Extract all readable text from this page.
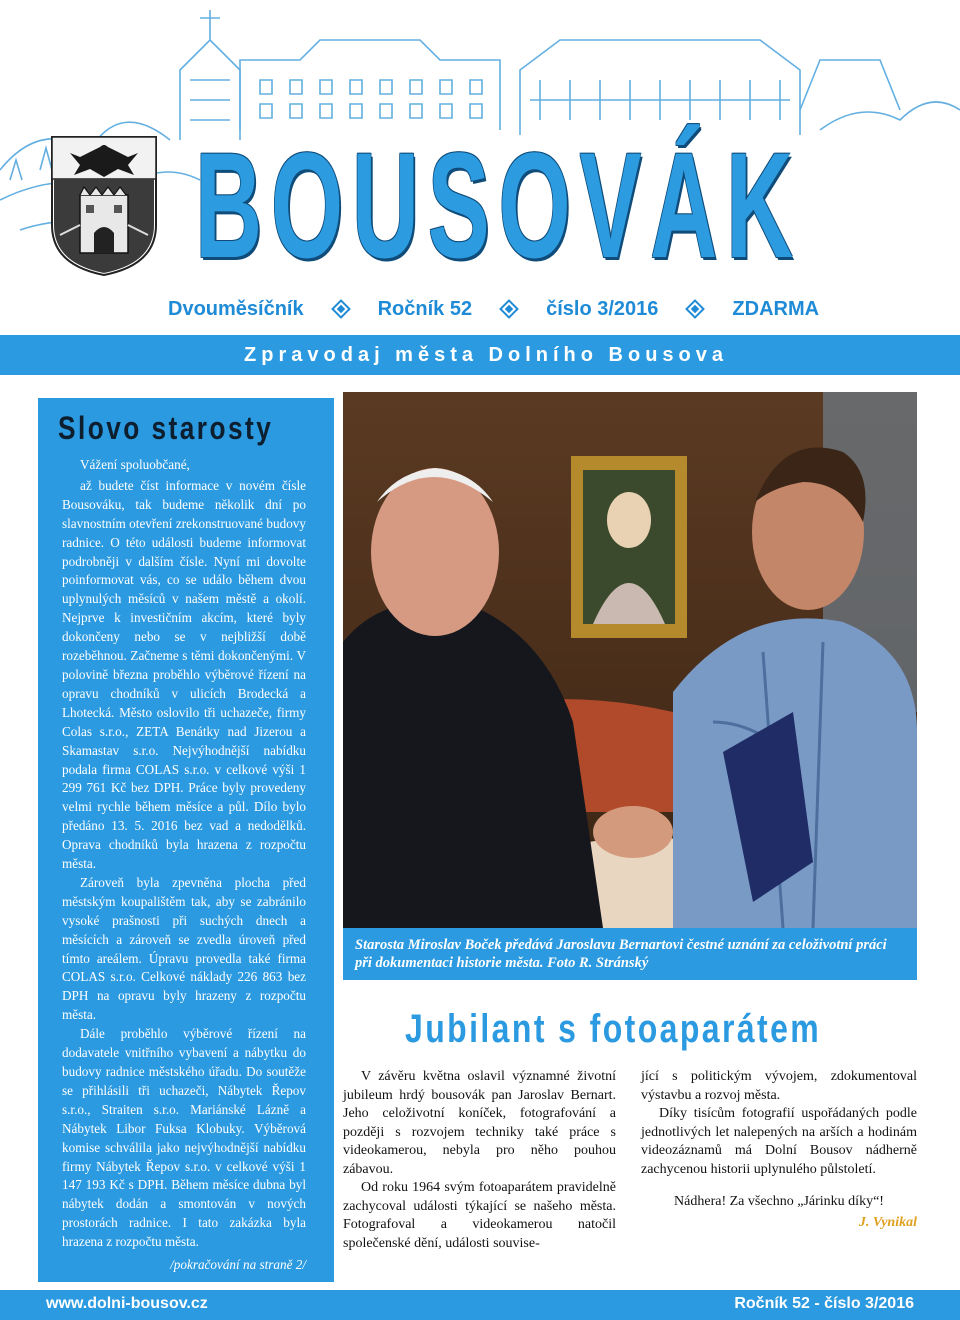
BOUSOVÁK
Dvouměsíčník	Ročník 52	číslo 3/2016	ZDARMA
Zpravodaj města Dolního Bousova
Slovo starosty

Vážení spoluobčané,

až budete číst informace v novém čísle Bousováku, tak budeme několik dní po slavnostním otevření zrekonstruované budovy radnice. O této události budeme informovat podrobněji v dalším čísle. Nyní mi dovolte poinformovat vás, co se událo během dvou uplynulých měsíců v našem městě a okolí. Nejprve k investičním akcím, které byly dokončeny nebo se v nejbližší době rozeběhnou. Začneme s těmi dokončenými. V polovině března proběhlo výběrové řízení na opravu chodníků v ulicích Brodecká a Lhotecká. Město oslovilo tři uchazeče, firmy Colas s.r.o., ZETA Benátky nad Jizerou a Skamastav s.r.o. Nejvýhodnější nabídku podala firma COLAS s.r.o. v celkové výši 1 299 761 Kč bez DPH. Práce byly provedeny velmi rychle během měsíce a půl. Dílo bylo předáno 13. 5. 2016 bez vad a nedodělků. Oprava chodníků byla hrazena z rozpočtu města.

Zároveň byla zpevněna plocha před městským koupalištěm tak, aby se zabránilo vysoké prašnosti při suchých dnech a měsících a zároveň se zvedla úroveň před tímto areálem. Úpravu provedla také firma COLAS s.r.o. Celkové náklady 226 863 bez DPH na opravu byly hrazeny z rozpočtu města.

Dále proběhlo výběrové řízení na dodavatele vnitřního vybavení a nábytku do budovy radnice městského úřadu. Do soutěže se přihlásili tři uchazeči, Nábytek Řepov s.r.o., Straiten s.r.o. Mariánské Lázně a Nábytek Libor Fuksa Klobuky. Výběrová komise schválila jako nejvýhodnější nabídku firmy Nábytek Řepov s.r.o. v celkové výši 1 147 193 Kč s DPH. Během měsíce dubna byl nábytek dodán a smontován v nových prostorách radnice. I tato zakázka byla hrazena z rozpočtu města.

/pokračování na straně 2/

Starosta Miroslav Boček předává Jaroslavu Bernartovi čestné uznání za celoživotní práci při dokumentaci historie města. Foto R. Stránský
Jubilant s fotoaparátem

V závěru května oslavil významné životní jubileum hrdý bousovák pan Jaroslav Bernart. Jeho celoživotní koníček, fotografování a později s rozvojem techniky také práce s videokamerou, nebyla pro něho pouhou zábavou.

Od roku 1964 svým fotoaparátem pravidelně zachycoval události týkající se našeho města. Fotografoval a videokamerou natočil společenské dění, události souvise-

jící s politickým vývojem, zdokumentoval výstavbu a rozvoj města.

Díky tisícům fotografií uspořádaných podle jednotlivých let nalepených na arších a hodinám videozáznamů má Dolní Bousov nádherně zachycenou historii uplynulého půlstoletí.

Nádhera! Za všechno „Járinku díky“!

J. Vynikal

www.dolni-bousov.cz	Ročník 52 - číslo 3/2016
